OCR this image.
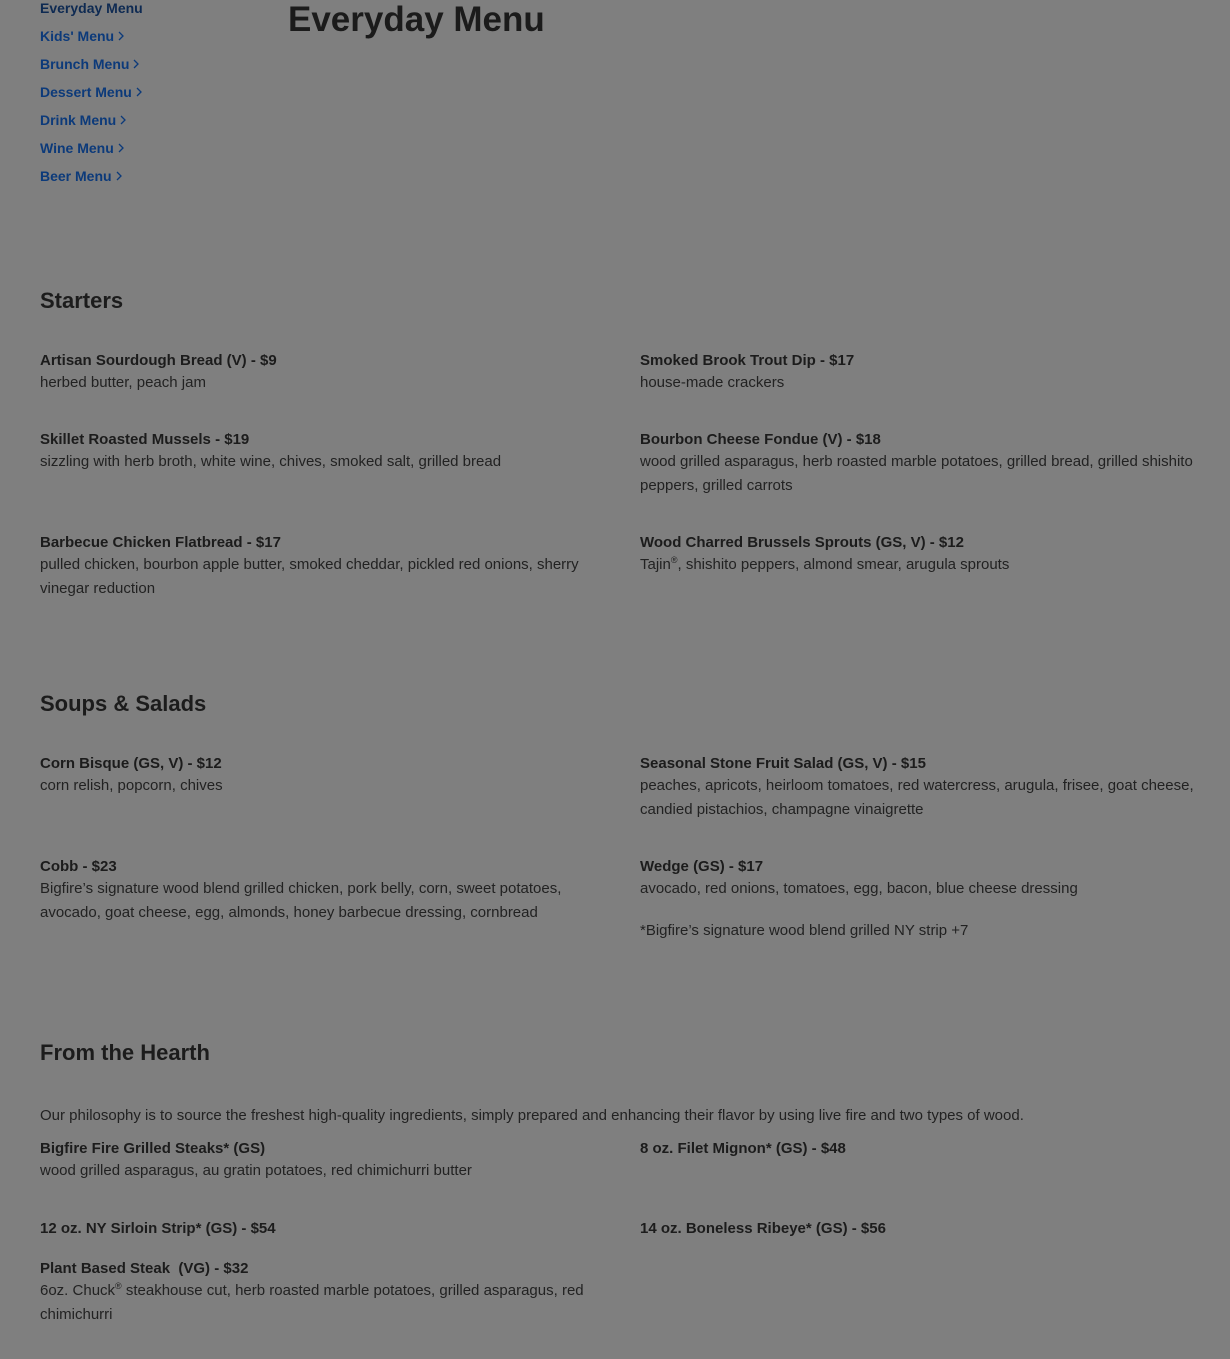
Everyday Menu
Kids' Menu
Brunch Menu
Dessert Menu
Drink Menu
Wine Menu
Beer Menu
Everyday Menu
Starters
Artisan Sourdough Bread (V) - $9
herbed butter, peach jam
Smoked Brook Trout Dip - $17
house-made crackers
Skillet Roasted Mussels - $19
sizzling with herb broth, white wine, chives, smoked salt, grilled bread
Bourbon Cheese Fondue (V) - $18
wood grilled asparagus, herb roasted marble potatoes, grilled bread, grilled shishito peppers, grilled carrots
Barbecue Chicken Flatbread - $17
pulled chicken, bourbon apple butter, smoked cheddar, pickled red onions, sherry vinegar reduction
Wood Charred Brussels Sprouts (GS, V) - $12
Tajin®, shishito peppers, almond smear, arugula sprouts
Soups & Salads
Corn Bisque (GS, V) - $12
corn relish, popcorn, chives
Seasonal Stone Fruit Salad (GS, V) - $15
peaches, apricots, heirloom tomatoes, red watercress, arugula, frisee, goat cheese, candied pistachios, champagne vinaigrette
Cobb - $23
Bigfire’s signature wood blend grilled chicken, pork belly, corn, sweet potatoes, avocado, goat cheese, egg, almonds, honey barbecue dressing, cornbread
Wedge (GS) - $17
avocado, red onions, tomatoes, egg, bacon, blue cheese dressing
*Bigfire’s signature wood blend grilled NY strip +7
From the Hearth
Our philosophy is to source the freshest high-quality ingredients, simply prepared and enhancing their flavor by using live fire and two types of wood.
Bigfire Fire Grilled Steaks* (GS)
wood grilled asparagus, au gratin potatoes, red chimichurri butter
8 oz. Filet Mignon* (GS) - $48
12 oz. NY Sirloin Strip* (GS) - $54	14 oz. Boneless Ribeye* (GS) - $56
Plant Based Steak  (VG) - $32
6oz. Chuck® steakhouse cut, herb roasted marble potatoes, grilled asparagus, red chimichurri
